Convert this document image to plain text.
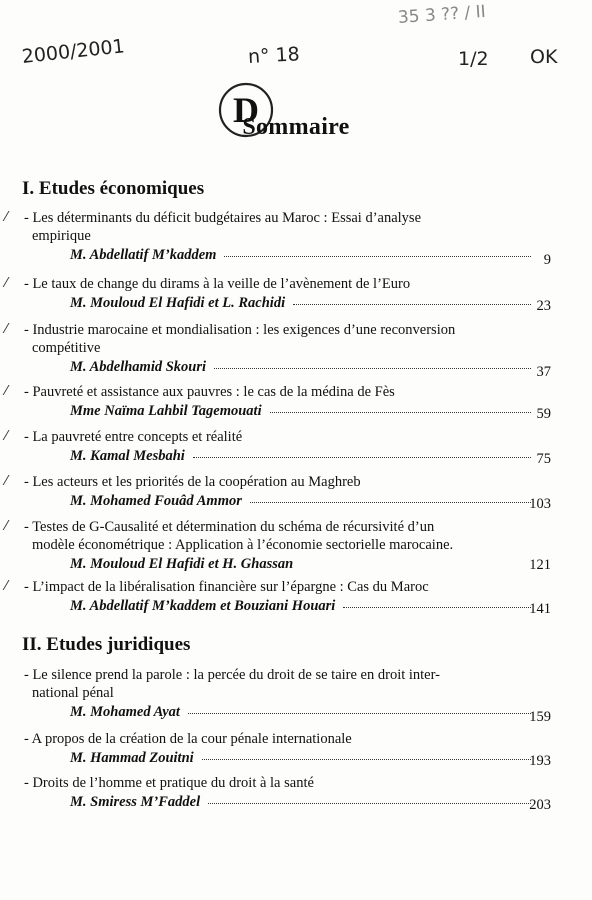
2000/2001	n° 18	1/2 OK
35 3 ?? / II
D
Sommaire
I. Etudes économiques
⁄	- Les déterminants du déficit budgétaires au Maroc : Essai d’analyse
empirique
M. Abdellatif M’kaddem	9
⁄	- Le taux de change du dirams à la veille de l’avènement de l’Euro
M. Mouloud El Hafidi et L. Rachidi	23
⁄	- Industrie marocaine et mondialisation : les exigences d’une reconversion
compétitive
M. Abdelhamid Skouri	37
⁄	- Pauvreté et assistance aux pauvres : le cas de la médina de Fès
Mme Naïma Lahbil Tagemouati	59
⁄	- La pauvreté entre concepts et réalité
M. Kamal Mesbahi	75
⁄	- Les acteurs et les priorités de la coopération au Maghreb
M. Mohamed Fouâd Ammor	103
⁄	- Testes de G-Causalité et détermination du schéma de récursivité d’un
modèle économétrique : Application à l’économie sectorielle marocaine.
M. Mouloud El Hafidi et H. Ghassan	121
⁄	- L’impact de la libéralisation financière sur l’épargne : Cas du Maroc
M. Abdellatif M’kaddem et Bouziani Houari	141
II. Etudes juridiques
- Le silence prend la parole : la percée du droit de se taire en droit inter-
national pénal
M. Mohamed Ayat	159
- A propos de la création de la cour pénale internationale
M. Hammad Zouitni	193
- Droits de l’homme et pratique du droit à la santé
M. Smiress M’Faddel	203
